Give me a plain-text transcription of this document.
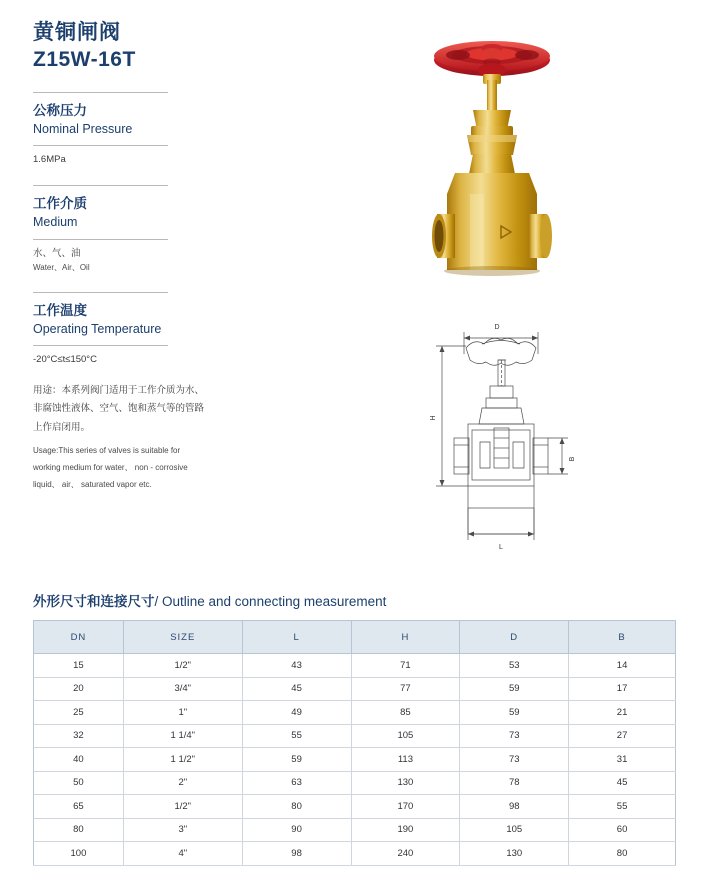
黄铜闸阀
Z15W-16T
公称压力
Nominal Pressure
1.6MPa
工作介质
Medium
水、气、油
Water、Air、Oil
工作温度
Operating Temperature
-20°C≤t≤150°C
用途：本系列阀门适用于工作介质为水、
非腐蚀性液体、空气、饱和蒸气等的管路
上作启闭用。
Usage:This series of valves is suitable for
working medium for water、 non - corrosive
liquid、 air、 saturated vapor etc.
D
H
B
L
外形尺寸和连接尺寸/ Outline and connecting measurement
DN	SIZE	L	H	D	B
15	1/2"	43	71	53	14
20	3/4"	45	77	59	17
25	1"	49	85	59	21
32	1 1/4"	55	105	73	27
40	1 1/2"	59	113	73	31
50	2"	63	130	78	45
65	1/2"	80	170	98	55
80	3"	90	190	105	60
100	4"	98	240	130	80
